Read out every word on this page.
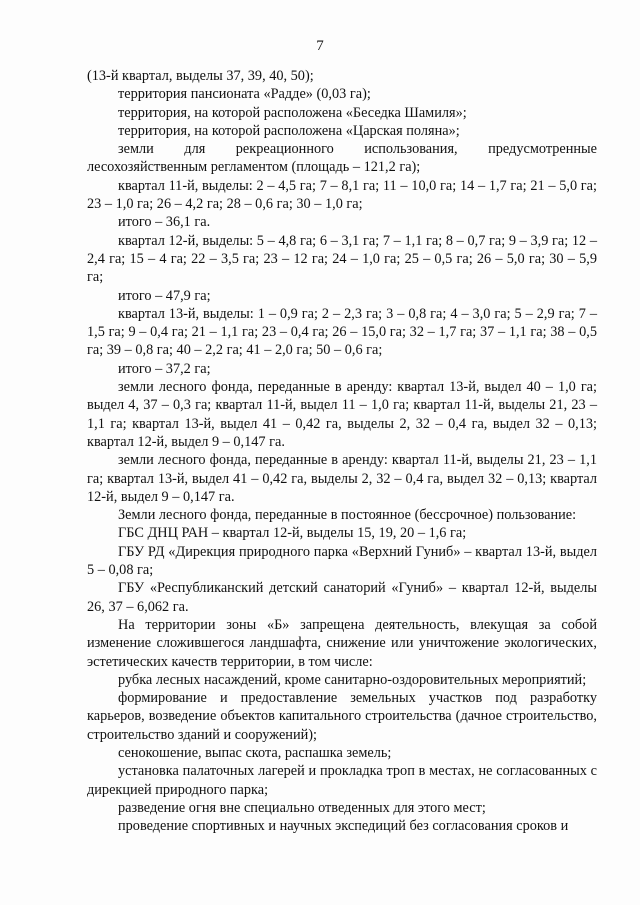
7

(13-й квартал, выделы 37, 39, 40, 50);

территория пансионата «Радде» (0,03 га);

территория, на которой расположена «Беседка Шамиля»;

территория, на которой расположена «Царская поляна»;

земли для рекреационного использования, предусмотренные лесохозяйственным регламентом (площадь – 121,2 га);

квартал 11-й, выделы: 2 – 4,5 га; 7 – 8,1 га; 11 – 10,0 га; 14 – 1,7 га; 21 – 5,0 га; 23 – 1,0 га; 26 – 4,2 га; 28 – 0,6 га; 30 – 1,0 га;

итого – 36,1 га.

квартал 12-й, выделы: 5 – 4,8 га; 6 – 3,1 га; 7 – 1,1 га; 8 – 0,7 га; 9 – 3,9 га; 12 –2,4 га; 15 – 4 га; 22 – 3,5 га; 23 – 12 га; 24 – 1,0 га; 25 – 0,5 га; 26 – 5,0 га; 30 – 5,9 га;

итого – 47,9 га;

квартал 13-й, выделы: 1 – 0,9 га; 2 – 2,3 га; 3 – 0,8 га; 4 – 3,0 га; 5 – 2,9 га; 7 – 1,5 га; 9 – 0,4 га; 21 – 1,1 га; 23 – 0,4 га; 26 – 15,0 га; 32 – 1,7 га; 37 – 1,1 га; 38 – 0,5 га; 39 – 0,8 га; 40 – 2,2 га; 41 – 2,0 га; 50 – 0,6 га;

итого – 37,2 га;

земли лесного фонда, переданные в аренду: квартал 13-й, выдел 40 – 1,0 га; выдел 4, 37 – 0,3 га; квартал 11-й, выдел 11 – 1,0 га; квартал 11-й, выделы 21, 23 – 1,1 га; квартал 13-й, выдел 41 – 0,42 га, выделы 2, 32 – 0,4 га, выдел 32 – 0,13; квартал 12-й, выдел 9 – 0,147 га.

земли лесного фонда, переданные в аренду: квартал 11-й, выделы 21, 23 – 1,1 га; квартал 13-й, выдел 41 – 0,42 га, выделы 2, 32 – 0,4 га, выдел 32 – 0,13; квартал 12-й, выдел 9 – 0,147 га.

Земли лесного фонда, переданные в постоянное (бессрочное) пользование:

ГБС ДНЦ РАН – квартал 12-й, выделы 15, 19, 20 – 1,6 га;

ГБУ РД «Дирекция природного парка «Верхний Гуниб» – квартал 13-й, выдел 5 – 0,08 га;

ГБУ «Республиканский детский санаторий «Гуниб» – квартал 12-й, выделы 26, 37 – 6,062 га.

На территории зоны «Б» запрещена деятельность, влекущая за собой изменение сложившегося ландшафта, снижение или уничтожение экологических, эстетических качеств территории, в том числе:

рубка лесных насаждений, кроме санитарно-оздоровительных мероприятий;

формирование и предоставление земельных участков под разработку карьеров, возведение объектов капитального строительства (дачное строительство, строительство зданий и сооружений);

сенокошение, выпас скота, распашка земель;

установка палаточных лагерей и прокладка троп в местах, не согласованных с дирекцией природного парка;

разведение огня вне специально отведенных для этого мест;

проведение спортивных и научных экспедиций без согласования сроков и
